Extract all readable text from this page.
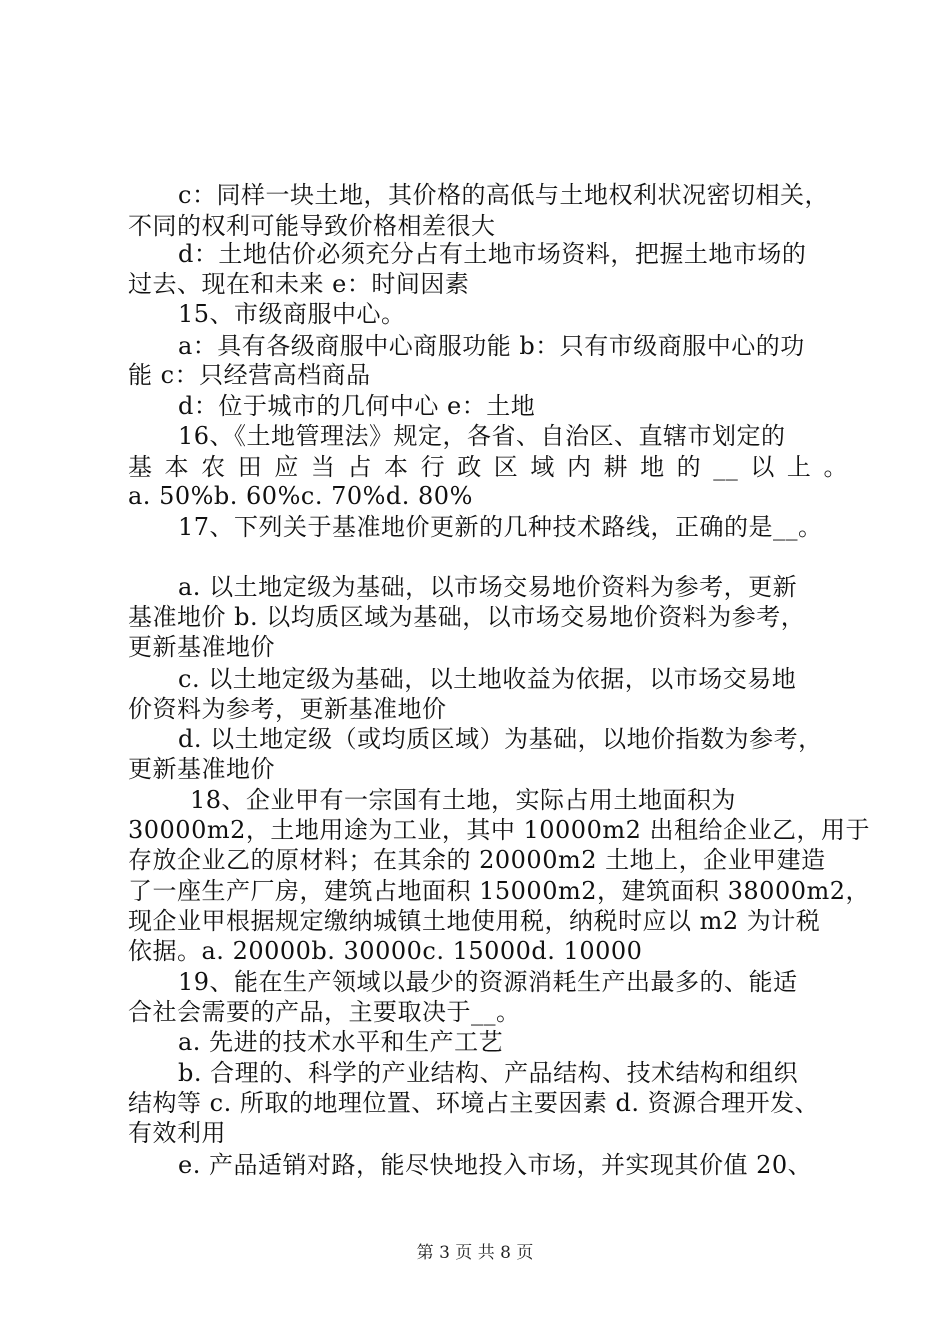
c：同样一块土地，其价格的高低与土地权利状况密切相关，
不同的权利可能导致价格相差很大
d：土地估价必须充分占有土地市场资料，把握土地市场的
过去、现在和未来 e：时间因素
15、市级商服中心。
a：具有各级商服中心商服功能 b：只有市级商服中心的功
能 c：只经营高档商品
d：位于城市的几何中心 e：土地
16、《土地管理法》规定，各省、自治区、直辖市划定的
基本农田应当占本行政区域内耕地的__以上。
a. 50%b. 60%c. 70%d. 80%
17、下列关于基准地价更新的几种技术路线，正确的是__。
a. 以土地定级为基础，以市场交易地价资料为参考，更新
基准地价 b. 以均质区域为基础，以市场交易地价资料为参考，
更新基准地价
c. 以土地定级为基础，以土地收益为依据，以市场交易地
价资料为参考，更新基准地价
d. 以土地定级（或均质区域）为基础，以地价指数为参考，
更新基准地价
18、企业甲有一宗国有土地，实际占用土地面积为
30000m2，土地用途为工业，其中 10000m2 出租给企业乙，用于
存放企业乙的原材料；在其余的 20000m2 土地上，企业甲建造
了一座生产厂房，建筑占地面积 15000m2，建筑面积 38000m2，
现企业甲根据规定缴纳城镇土地使用税，纳税时应以 m2 为计税
依据。a. 20000b. 30000c. 15000d. 10000
19、能在生产领域以最少的资源消耗生产出最多的、能适
合社会需要的产品，主要取决于__。
a. 先进的技术水平和生产工艺
b. 合理的、科学的产业结构、产品结构、技术结构和组织
结构等 c. 所取的地理位置、环境占主要因素 d. 资源合理开发、
有效利用
e. 产品适销对路，能尽快地投入市场，并实现其价值 20、
第 3 页 共 8 页
